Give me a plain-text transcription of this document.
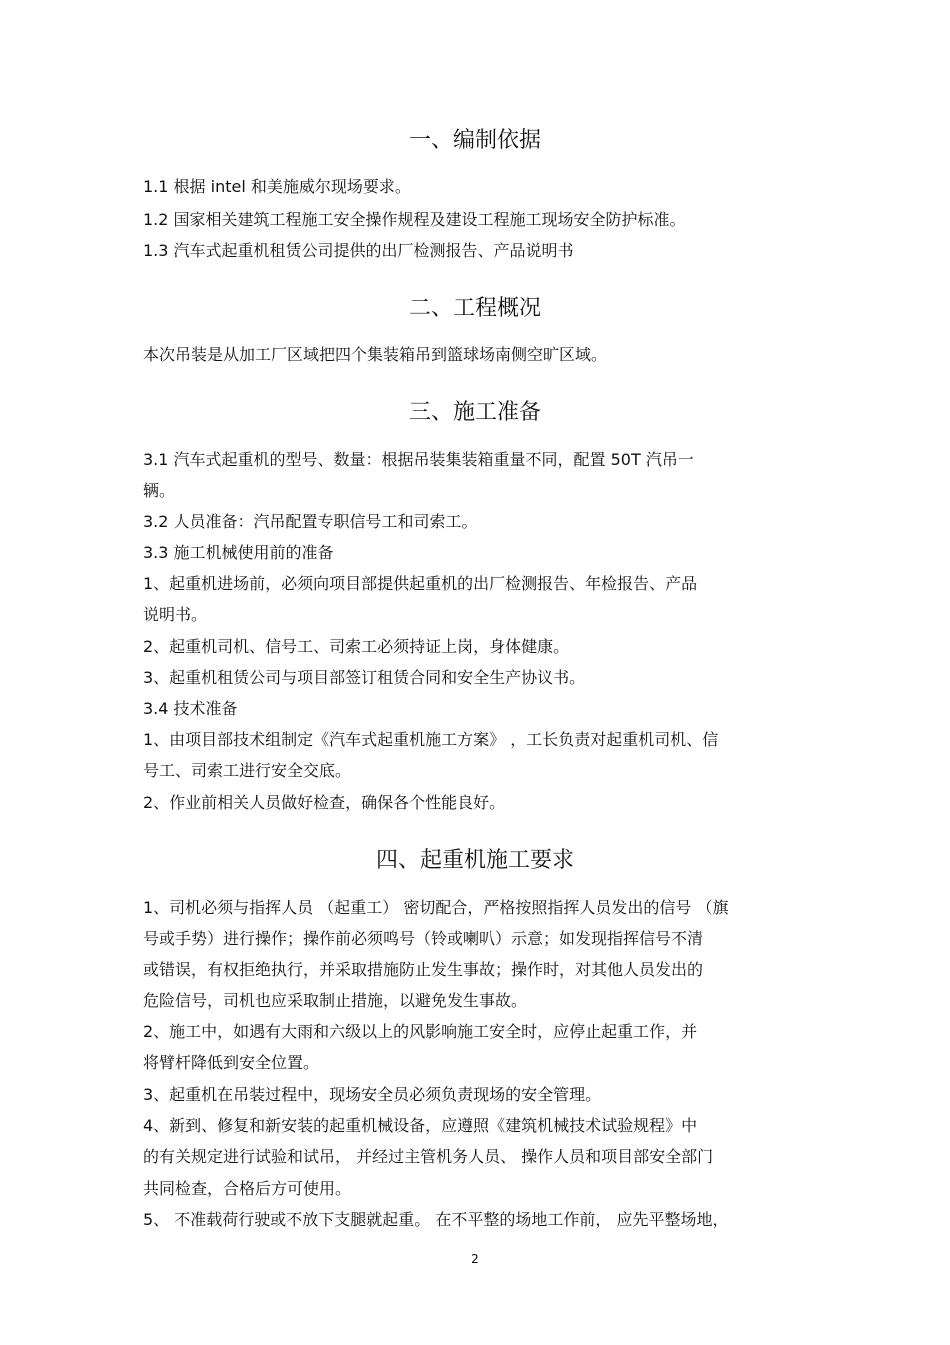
一、编制依据
1.1 根据 intel 和美施威尔现场要求。
1.2 国家相关建筑工程施工安全操作规程及建设工程施工现场安全防护标准。
1.3 汽车式起重机租赁公司提供的出厂检测报告、产品说明书
二、工程概况
本次吊装是从加工厂区域把四个集装箱吊到篮球场南侧空旷区域。
三、施工准备
3.1 汽车式起重机的型号、数量：根据吊装集装箱重量不同，配置 50T 汽吊一
辆。
3.2 人员准备：汽吊配置专职信号工和司索工。
3.3 施工机械使用前的准备
1、起重机进场前，必须向项目部提供起重机的出厂检测报告、年检报告、产品
说明书。
2、起重机司机、信号工、司索工必须持证上岗，身体健康。
3、起重机租赁公司与项目部签订租赁合同和安全生产协议书。
3.4 技术准备
1、由项目部技术组制定《汽车式起重机施工方案》 ，工长负责对起重机司机、信
号工、司索工进行安全交底。
2、作业前相关人员做好检查，确保各个性能良好。
四、起重机施工要求
1、司机必须与指挥人员 （起重工） 密切配合，严格按照指挥人员发出的信号 （旗
号或手势）进行操作；操作前必须鸣号（铃或喇叭）示意；如发现指挥信号不清
或错误，有权拒绝执行，并采取措施防止发生事故；操作时，对其他人员发出的
危险信号，司机也应采取制止措施，以避免发生事故。
2、施工中，如遇有大雨和六级以上的风影响施工安全时，应停止起重工作，并
将臂杆降低到安全位置。
3、起重机在吊装过程中，现场安全员必须负责现场的安全管理。
4、新到、修复和新安装的起重机械设备，应遵照《建筑机械技术试验规程》中
的有关规定进行试验和试吊， 并经过主管机务人员、 操作人员和项目部安全部门
共同检查，合格后方可使用。
5、 不准载荷行驶或不放下支腿就起重。 在不平整的场地工作前， 应先平整场地，
2
